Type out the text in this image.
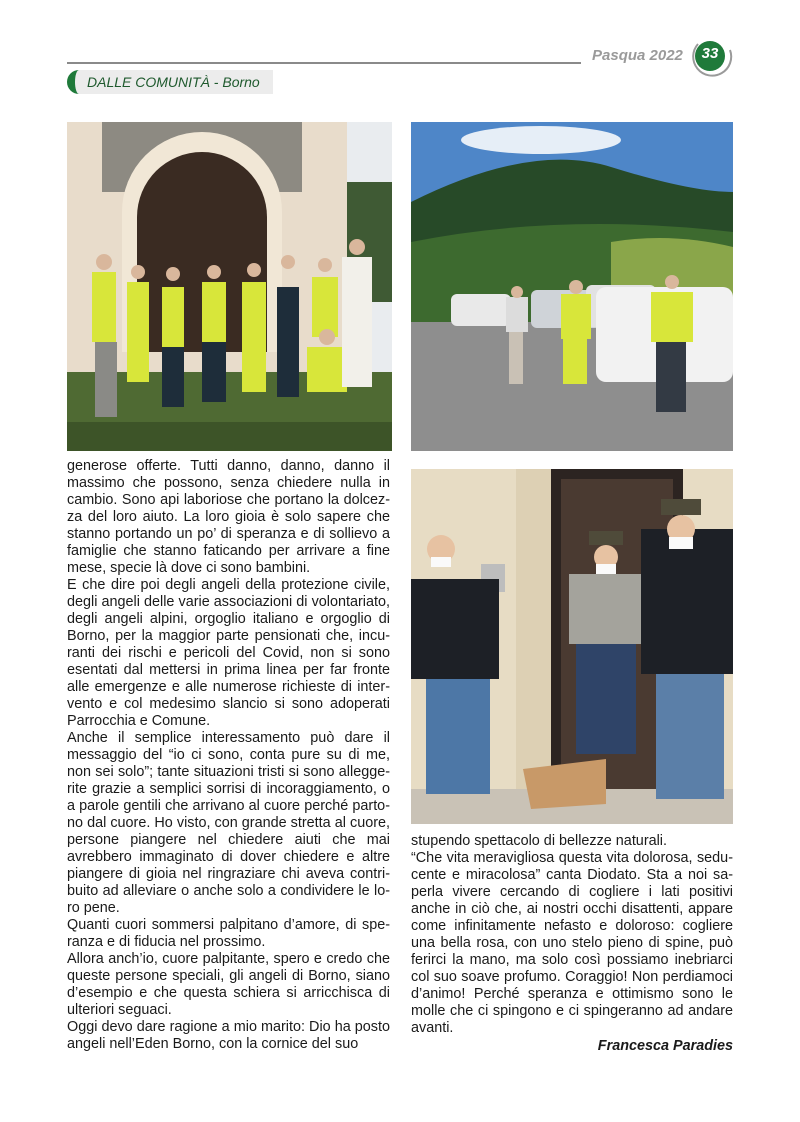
Pasqua 2022	33
DALLE COMUNITÀ - Borno

generose offerte. Tutti danno, danno, danno il massimo che possono, senza chiedere nulla in cambio. Sono api laboriose che portano la dolcezza del loro aiuto. La loro gioia è solo sapere che stanno portando un po’ di speranza e di sollievo a famiglie che stanno faticando per arrivare a fine mese, specie là dove ci sono bambini.

E che dire poi degli angeli della protezione civile, degli angeli delle varie associazioni di volontariato, degli angeli alpini, orgoglio italiano e orgoglio di Borno, per la maggior parte pensionati che, incuranti dei rischi e pericoli del Covid, non si sono esentati dal mettersi in prima linea per far fronte alle emergenze e alle numerose richieste di intervento e col medesimo slancio si sono adoperati Parrocchia e Comune.

Anche il semplice interessamento può dare il messaggio del “io ci sono, conta pure su di me, non sei solo”; tante situazioni tristi si sono alleggerite grazie a semplici sorrisi di incoraggiamento, o a parole gentili che arrivano al cuore perché partono dal cuore. Ho visto, con grande stretta al cuore, persone piangere nel chiedere aiuti che mai avrebbero immaginato di dover chiedere e altre piangere di gioia nel ringraziare chi aveva contribuito ad alleviare o anche solo a condividere le loro pene.

Quanti cuori sommersi palpitano d’amore, di speranza e di fiducia nel prossimo.

Allora anch’io, cuore palpitante, spero e credo che queste persone speciali, gli angeli di Borno, siano d’esempio e che questa schiera si arricchisca di ulteriori seguaci.

Oggi devo dare ragione a mio marito: Dio ha posto angeli nell’Eden Borno, con la cornice del suo

stupendo spettacolo di bellezze naturali.

“Che vita meravigliosa questa vita dolorosa, seducente e miracolosa” canta Diodato. Sta a noi saperla vivere cercando di cogliere i lati positivi anche in ciò che, ai nostri occhi disattenti, appare come infinitamente nefasto e doloroso: cogliere una bella rosa, con uno stelo pieno di spine, può ferirci la mano, ma solo così possiamo inebriarci col suo soave profumo. Coraggio! Non perdiamoci d’animo! Perché speranza e ottimismo sono le molle che ci spingono e ci spingeranno ad andare avanti.

Francesca Paradies
